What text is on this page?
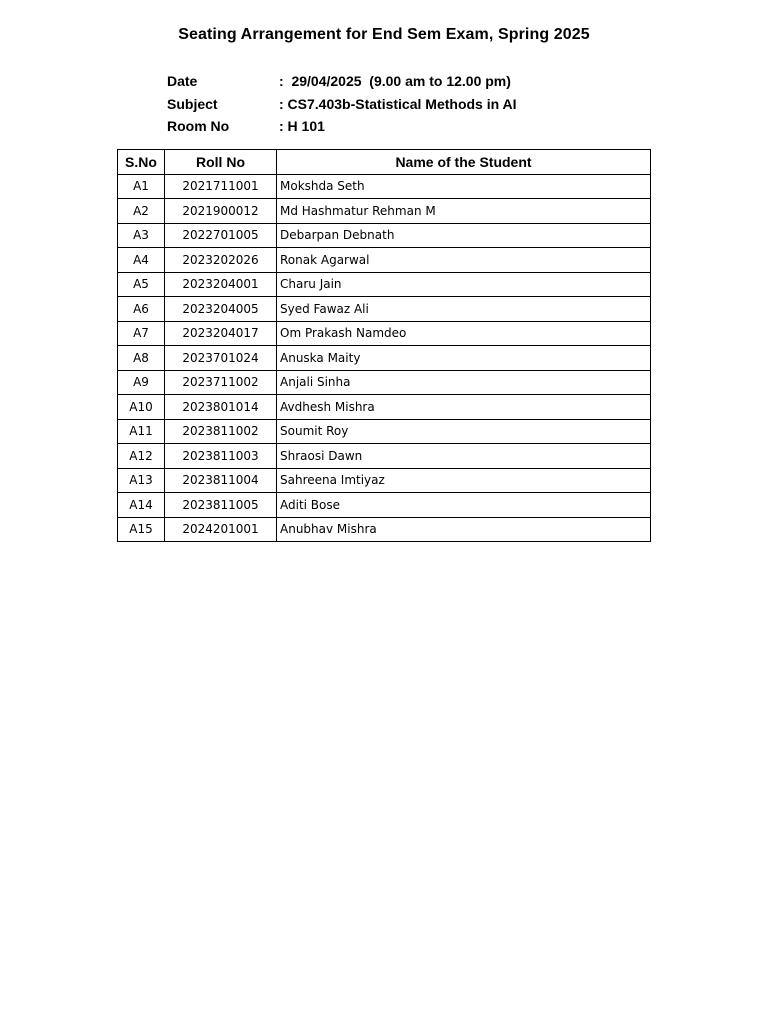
Seating Arrangement for End Sem Exam, Spring 2025
Date	:  29/04/2025  (9.00 am to 12.00 pm)
Subject	: CS7.403b-Statistical Methods in AI
Room No	: H 101
S.No	Roll No	Name of the Student
A1	2021711001	Mokshda Seth
A2	2021900012	Md Hashmatur Rehman M
A3	2022701005	Debarpan Debnath
A4	2023202026	Ronak Agarwal
A5	2023204001	Charu Jain
A6	2023204005	Syed Fawaz Ali
A7	2023204017	Om Prakash Namdeo
A8	2023701024	Anuska Maity
A9	2023711002	Anjali Sinha
A10	2023801014	Avdhesh Mishra
A11	2023811002	Soumit Roy
A12	2023811003	Shraosi Dawn
A13	2023811004	Sahreena Imtiyaz
A14	2023811005	Aditi Bose
A15	2024201001	Anubhav Mishra
